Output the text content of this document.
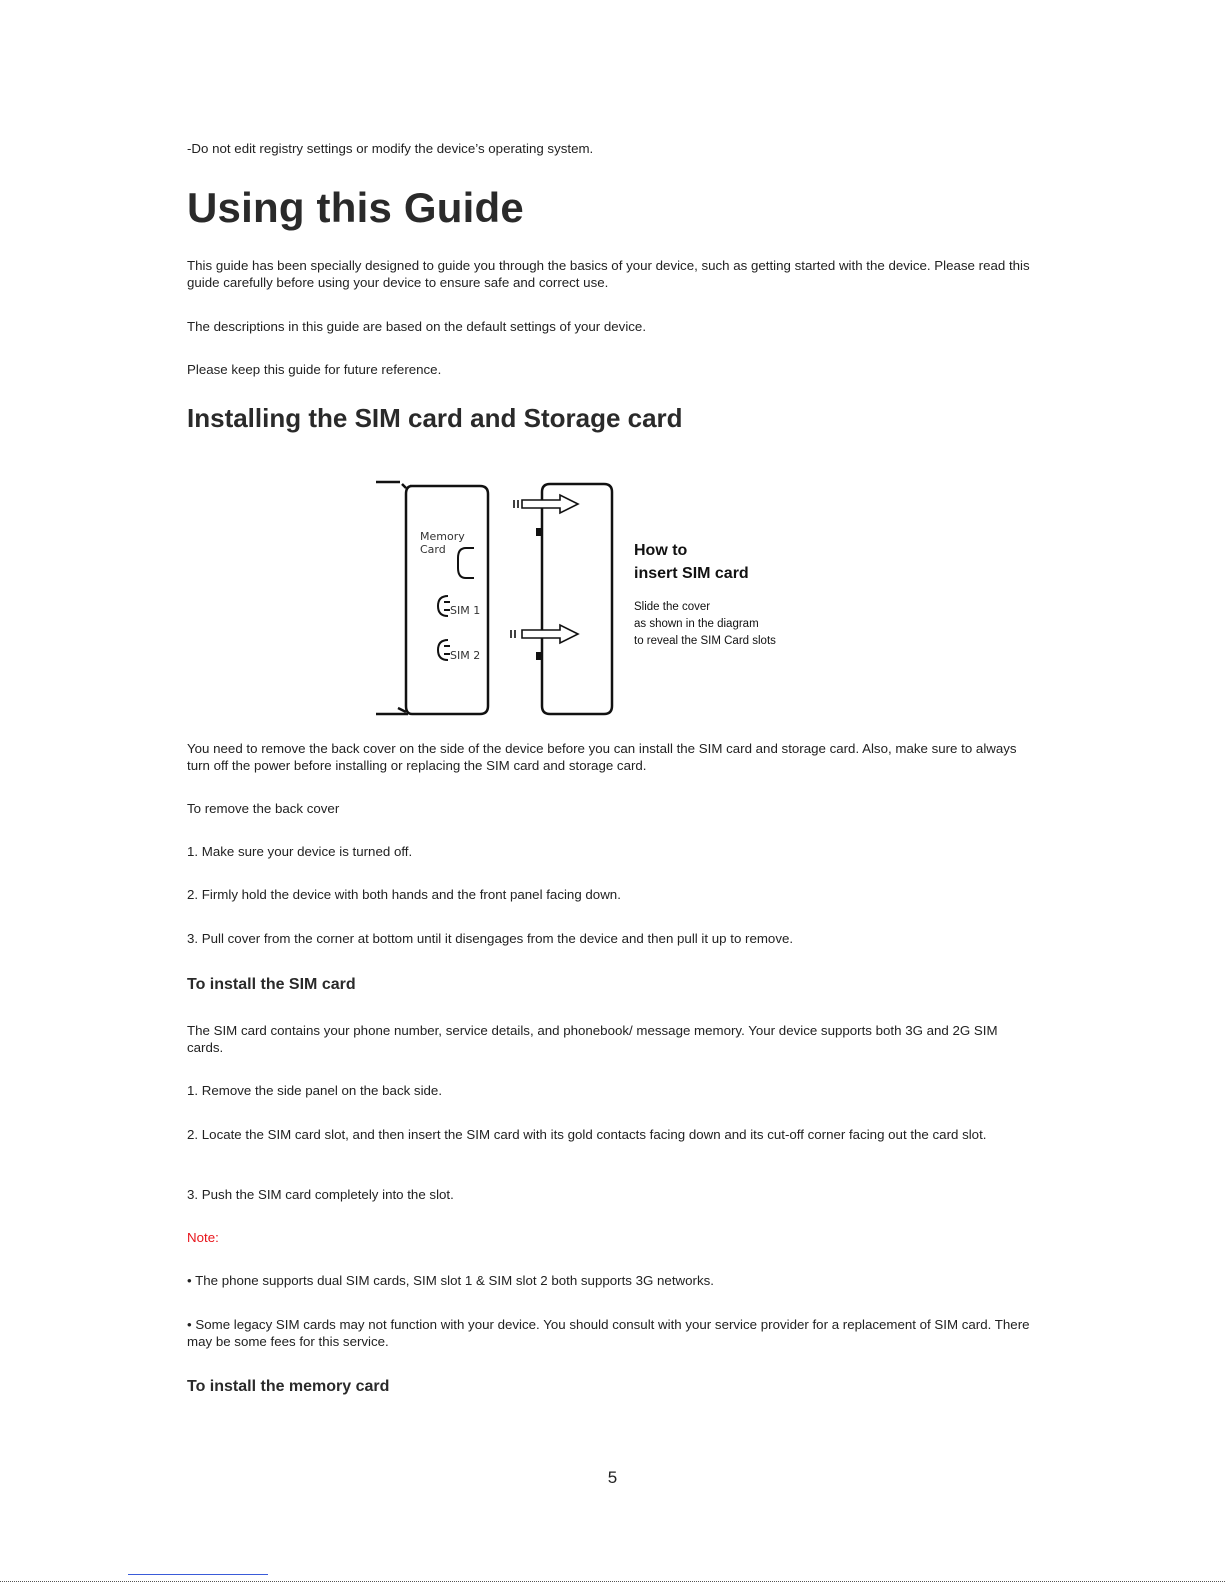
-Do not edit registry settings or modify the device’s operating system.

Using this Guide

This guide has been specially designed to guide you through the basics of your device, such as getting started with the device. Please read this guide carefully before using your device to ensure safe and correct use.

The descriptions in this guide are based on the default settings of your device.

Please keep this guide for future reference.

Installing the SIM card and Storage card
Memory
Card
SIM 1
SIM 2
How to
insert SIM card
Slide the cover
as shown in the diagram
to reveal the SIM Card slots

You need to remove the back cover on the side of the device before you can install the SIM card and storage card. Also, make sure to always turn off the power before installing or replacing the SIM card and storage card.

To remove the back cover

1. Make sure your device is turned off.

2. Firmly hold the device with both hands and the front panel facing down.

3. Pull cover from the corner at bottom until it disengages from the device and then pull it up to remove.

To install the SIM card

The SIM card contains your phone number, service details, and phonebook/ message memory. Your device supports both 3G and 2G SIM cards.

1. Remove the side panel on the back side.

2. Locate the SIM card slot, and then insert the SIM card with its gold contacts facing down and its cut-off corner facing out the card slot.

3. Push the SIM card completely into the slot.

Note:

• The phone supports dual SIM cards, SIM slot 1 & SIM slot 2 both supports 3G networks.

• Some legacy SIM cards may not function with your device. You should consult with your service provider for a replacement of SIM card. There may be some fees for this service.

To install the memory card
5
